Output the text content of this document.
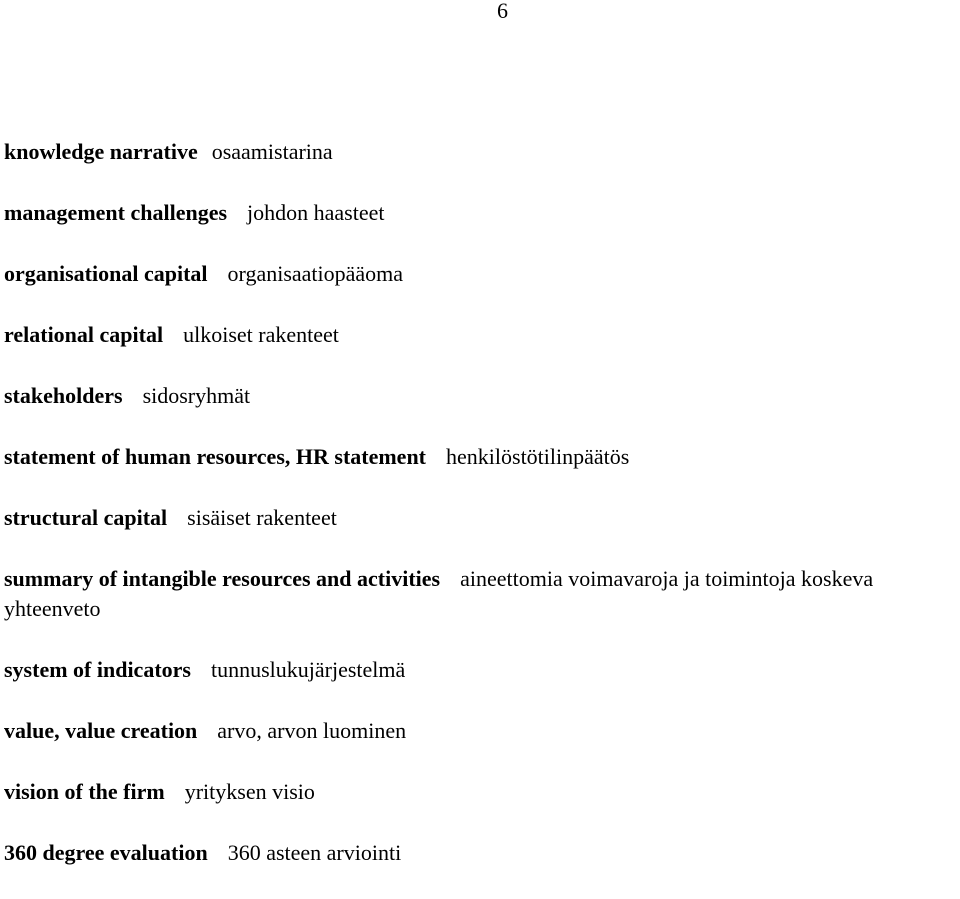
6
knowledge narrative osaamistarina
management challenges johdon haasteet
organisational capital organisaatiopääoma
relational capital ulkoiset rakenteet
stakeholders sidosryhmät
statement of human resources, HR statement henkilöstötilinpäätös
structural capital sisäiset rakenteet
summary of intangible resources and activities aineettomia voimavaroja ja toimintoja koskeva yhteenveto
system of indicators tunnuslukujärjestelmä
value, value creation arvo, arvon luominen
vision of the firm yrityksen visio
360 degree evaluation 360 asteen arviointi
